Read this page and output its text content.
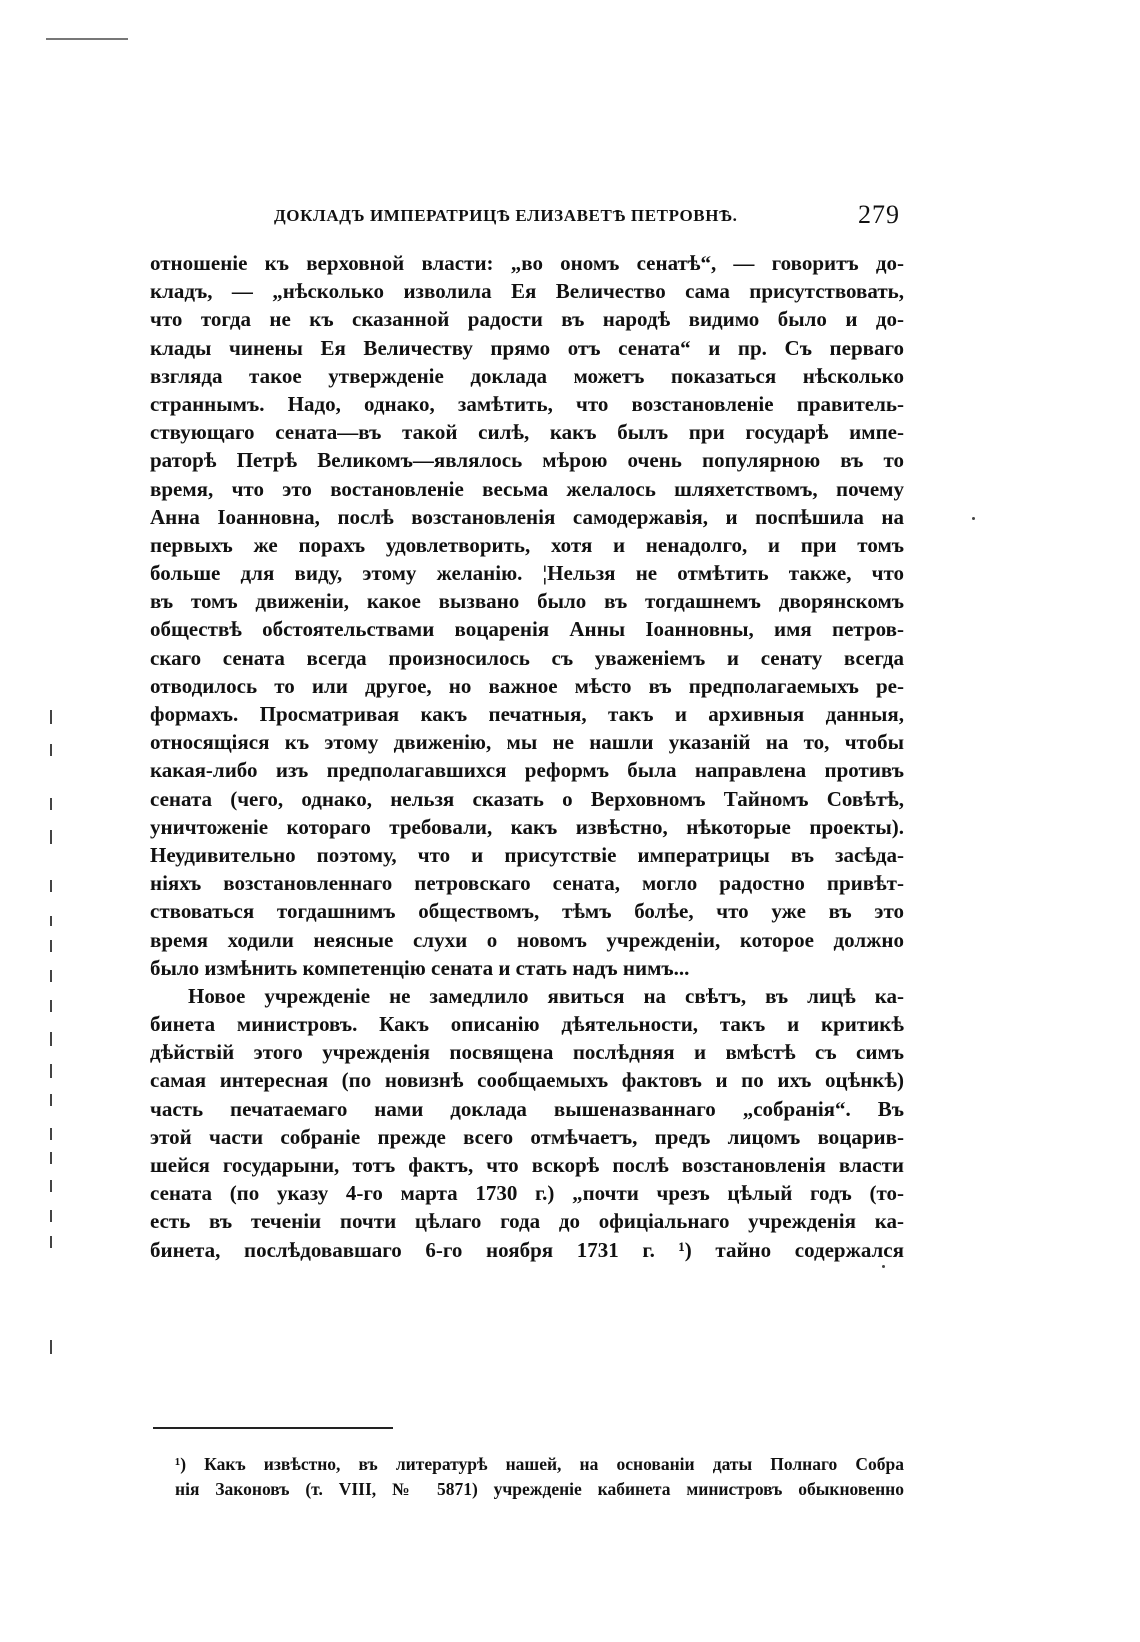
ДОКЛАДЪ ИМПЕРАТРИЦѢ ЕЛИЗАВЕТѢ ПЕТРОВНѢ.	279
отношеніе къ верховной власти: „во ономъ сенатѣ“, — говоритъ до-
кладъ, — „нѣсколько изволила Ея Величество сама присутствовать,
что тогда не къ сказанной радости въ народѣ видимо было и до-
клады чинены Ея Величеству прямо отъ сената“ и пр. Съ перваго
взгляда такое утвержденіе доклада можетъ показаться нѣсколько
страннымъ. Надо, однако, замѣтить, что возстановленіе правитель-
ствующаго сената—въ такой силѣ, какъ былъ при государѣ импе-
раторѣ Петрѣ Великомъ—являлось мѣрою очень популярною въ то
время, что это востановленіе весьма желалось шляхетствомъ, почему
Анна Іоанновна, послѣ возстановленія самодержавія, и поспѣшила на
первыхъ же порахъ удовлетворить, хотя и ненадолго, и при томъ
больше для виду, этому желанію. ¦Нельзя не отмѣтить также, что
въ томъ движеніи, какое вызвано было въ тогдашнемъ дворянскомъ
обществѣ обстоятельствами воцаренія Анны Іоанновны, имя петров-
скаго сената всегда произносилось съ уваженіемъ и сенату всегда
отводилось то или другое, но важное мѣсто въ предполагаемыхъ ре-
формахъ. Просматривая какъ печатныя, такъ и архивныя данныя,
относящіяся къ этому движенію, мы не нашли указаній на то, чтобы
какая-либо изъ предполагавшихся реформъ была направлена противъ
сената (чего, однако, нельзя сказать о Верховномъ Тайномъ Совѣтѣ,
уничтоженіе котораго требовали, какъ извѣстно, нѣкоторые проекты).
Неудивительно поэтому, что и присутствіе императрицы въ засѣда-
ніяхъ возстановленнаго петровскаго сената, могло радостно привѣт-
ствоваться тогдашнимъ обществомъ, тѣмъ болѣе, что уже въ это
время ходили неясные слухи о новомъ учрежденіи, которое должно
было измѣнить компетенцію сената и стать надъ нимъ...
Новое учрежденіе не замедлило явиться на свѣтъ, въ лицѣ ка-
бинета министровъ. Какъ описанію дѣятельности, такъ и критикѣ
дѣйствій этого учрежденія посвящена послѣдняя и вмѣстѣ съ симъ
самая интересная (по новизнѣ сообщаемыхъ фактовъ и по ихъ оцѣнкѣ)
часть печатаемаго нами доклада вышеназваннаго „собранія“. Въ
этой части собраніе прежде всего отмѣчаетъ, предъ лицомъ воцарив-
шейся государыни, тотъ фактъ, что вскорѣ послѣ возстановленія власти
сената (по указу 4-го марта 1730 г.) „почти чрезъ цѣлый годъ (то-
есть въ теченіи почти цѣлаго года до офиціальнаго учрежденія ка-
бинета, послѣдовавшаго 6-го ноября 1731 г. ¹) тайно содержался
¹) Какъ извѣстно, въ литературѣ нашей, на основаніи даты Полнаго Собра
нія Законовъ (т. VIII, № 5871) учрежденіе кабинета министровъ обыкновенно
